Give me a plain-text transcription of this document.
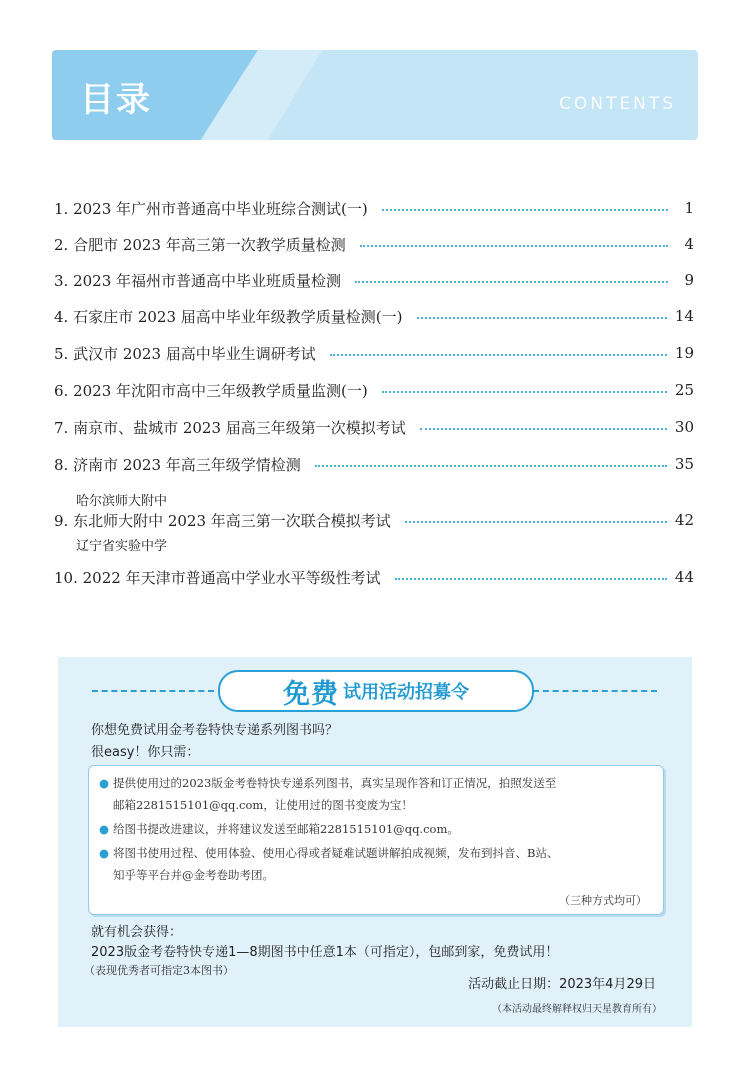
目录	CONTENTS
1. 2023 年广州市普通高中毕业班综合测试(一)	1
2. 合肥市 2023 年高三第一次教学质量检测	4
3. 2023 年福州市普通高中毕业班质量检测	9
4. 石家庄市 2023 届高中毕业年级教学质量检测(一)	14
5. 武汉市 2023 届高中毕业生调研考试	19
6. 2023 年沈阳市高中三年级教学质量监测(一)	25
7. 南京市、盐城市 2023 届高三年级第一次模拟考试	30
8. 济南市 2023 年高三年级学情检测	35
哈尔滨师大附中
9. 东北师大附中 2023 年高三第一次联合模拟考试	42
辽宁省实验中学
10. 2022 年天津市普通高中学业水平等级性考试	44
免费 试用活动招募令
你想免费试用金考卷特快专递系列图书吗？
很easy！你只需：
● 提供使用过的2023版金考卷特快专递系列图书，真实呈现作答和订正情况，拍照发送至
邮箱2281515101@qq.com，让使用过的图书变废为宝！
● 给图书提改进建议，并将建议发送至邮箱2281515101@qq.com。
● 将图书使用过程、使用体验、使用心得或者疑难试题讲解拍成视频，发布到抖音、B站、
知乎等平台并@金考卷助考团。
（三种方式均可）
就有机会获得：
2023版金考卷特快专递1—8期图书中任意1本（可指定），包邮到家，免费试用！
（表现优秀者可指定3本图书）
活动截止日期：2023年4月29日
（本活动最终解释权归天星教育所有）
